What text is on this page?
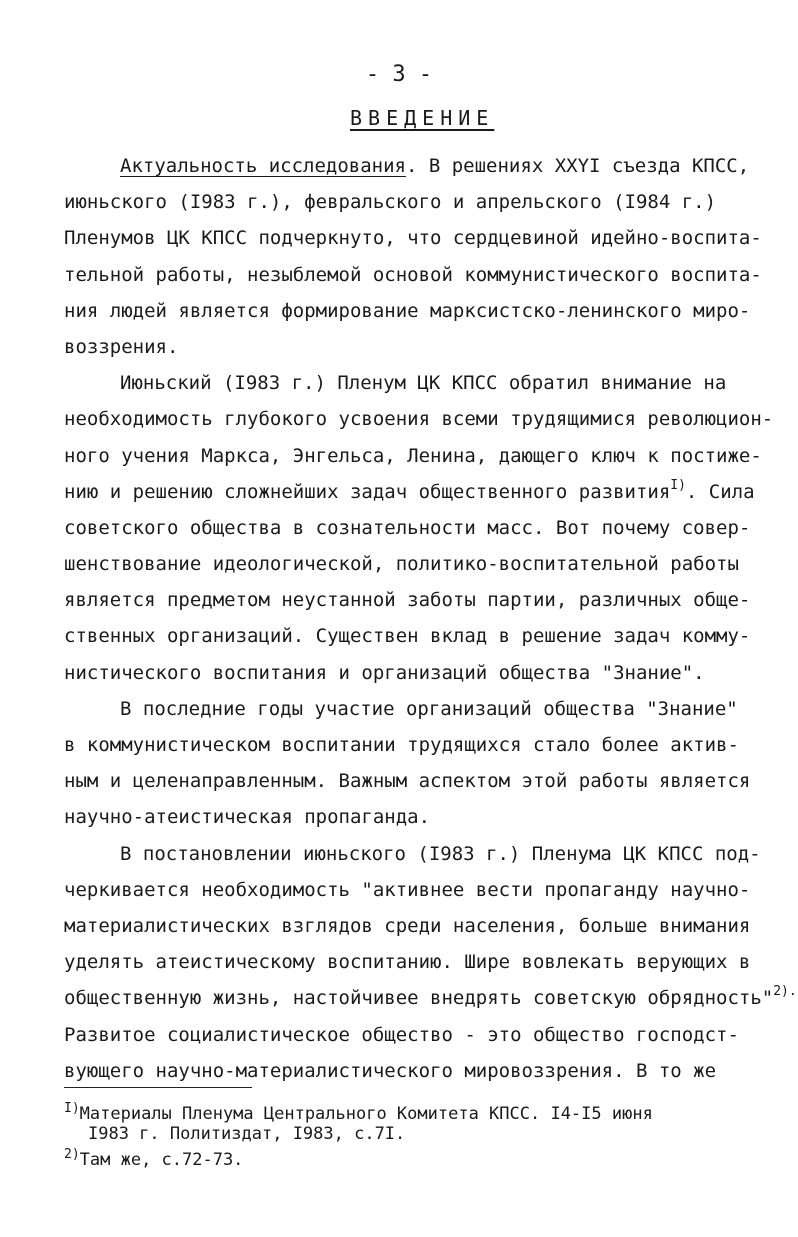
- 3 -
ВВЕДЕНИЕ
Актуальность исследования. В решениях XXYI съезда КПСС,
июньского (I983 г.), февральского и апрельского (I984 г.)
Пленумов ЦК КПСС подчеркнуто, что сердцевиной идейно-воспита-
тельной работы, незыблемой основой коммунистического воспита-
ния людей является формирование марксистско-ленинского миро-
воззрения.
Июньский (I983 г.) Пленум ЦК КПСС обратил внимание на
необходимость глубокого усвоения всеми трудящимися революцион-
ного учения Маркса, Энгельса, Ленина, дающего ключ к постиже-
нию и решению сложнейших задач общественного развития$^{I)}$. Сила
советского общества в сознательности масс. Вот почему совер-
шенствование идеологической, политико-воспитательной работы
является предметом неустанной заботы партии, различных обще-
ственных организаций. Существен вклад в решение задач комму-
нистического воспитания и организаций общества "Знание".
В последние годы участие организаций общества "Знание"
в коммунистическом воспитании трудящихся стало более актив-
ным и целенаправленным. Важным аспектом этой работы является
научно-атеистическая пропаганда.
В постановлении июньского (I983 г.) Пленума ЦК КПСС под-
черкивается необходимость "активнее вести пропаганду научно-
материалистических взглядов среди населения, больше внимания
уделять атеистическому воспитанию. Шире вовлекать верующих в
общественную жизнь, настойчивее внедрять советскую обрядность"$^{2).}$
Развитое социалистическое общество - это общество господст-
вующего научно-материалистического мировоззрения. В то же
$^{I)}$Материалы Пленума Центрального Комитета КПСС. I4-I5 июня
I983 г. Политиздат, I983, с.7I.
$^{2)}$Там же, с.72-73.
